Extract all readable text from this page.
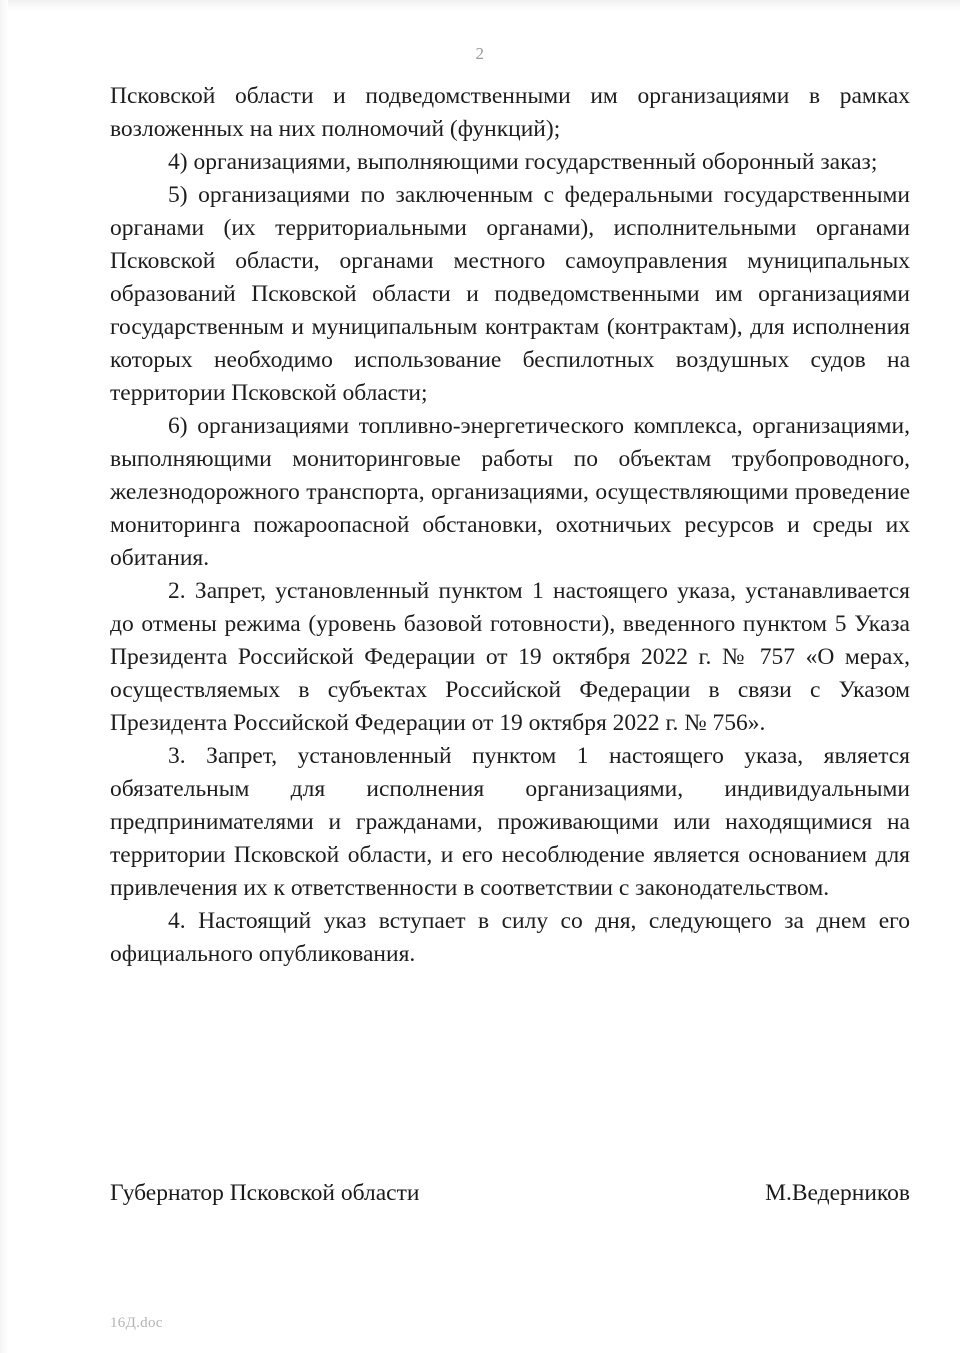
2

Псковской области и подведомственными им организациями в рамках возложенных на них полномочий (функций);

4) организациями, выполняющими государственный оборонный заказ;

5) организациями по заключенным с федеральными государственными органами (их территориальными органами), исполнительными органами Псковской области, органами местного самоуправления муниципальных образований Псковской области и подведомственными им организациями государственным и муниципальным контрактам (контрактам), для исполнения которых необходимо использование беспилотных воздушных судов на территории Псковской области;

6) организациями топливно-энергетического комплекса, организациями, выполняющими мониторинговые работы по объектам трубопроводного, железнодорожного транспорта, организациями, осуществляющими проведение мониторинга пожароопасной обстановки, охотничьих ресурсов и среды их обитания.

2. Запрет, установленный пунктом 1 настоящего указа, устанавливается до отмены режима (уровень базовой готовности), введенного пунктом 5 Указа Президента Российской Федерации от 19 октября 2022 г. № 757 «О мерах, осуществляемых в субъектах Российской Федерации в связи с Указом Президента Российской Федерации от 19 октября 2022 г. № 756».

3. Запрет, установленный пунктом 1 настоящего указа, является обязательным для исполнения организациями, индивидуальными предпринимателями и гражданами, проживающими или находящимися на территории Псковской области, и его несоблюдение является основанием для привлечения их к ответственности в соответствии с законодательством.

4. Настоящий указ вступает в силу со дня, следующего за днем его официального опубликования.

Губернатор Псковской области	М.Ведерников
16Д.doc
